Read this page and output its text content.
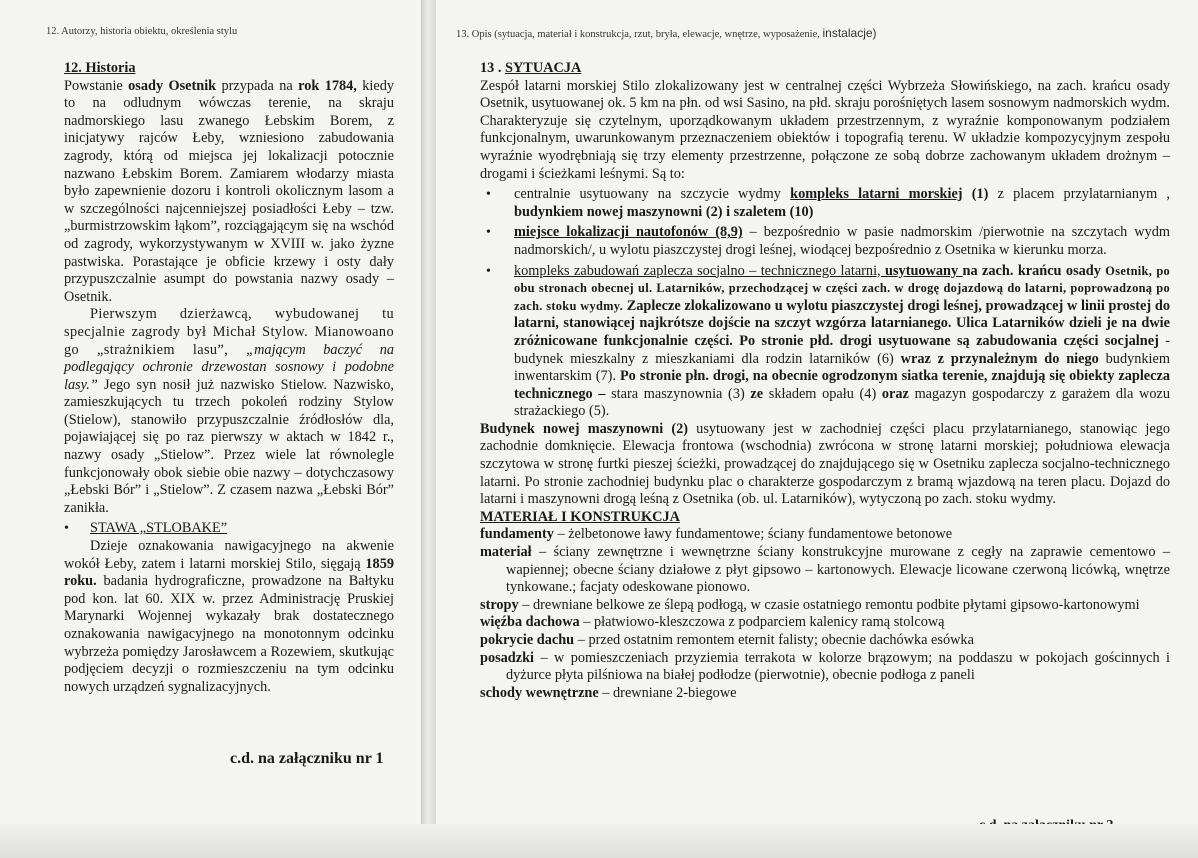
12. Autorzy, historia obiektu, określenia stylu

12. Historia

Powstanie osady Osetnik przypada na rok 1784, kiedy to na odludnym wówczas terenie, na skraju nadmorskiego lasu zwanego Łebskim Borem, z inicjatywy rajców Łeby, wzniesiono zabudowania zagrody, którą od miejsca jej lokalizacji potocznie nazwano Łebskim Borem. Zamiarem włodarzy miasta było zapewnienie dozoru i kontroli okolicznym lasom a w szczególności najcenniejszej posiadłości Łeby – tzw. „burmistrzowskim łąkom”, rozciągającym się na wschód od zagrody, wykorzystywanym w XVIII w. jako żyzne pastwiska. Porastające je obficie krzewy i osty dały przypuszczalnie asumpt do powstania nazwy osady – Osetnik.

Pierwszym dzierżawcą, wybudowanej tu specjalnie zagrody był Michał Stylow. Mianowoano go „strażnikiem lasu”, „mającym baczyć na podlegający ochronie drzewostan sosnowy i podobne lasy.” Jego syn nosił już nazwisko Stielow. Nazwisko, zamieszkujących tu trzech pokoleń rodziny Stylow (Stielow), stanowiło przypuszczalnie źródłosłów dla, pojawiającej się po raz pierwszy w aktach w 1842 r., nazwy osady „Stielow”. Przez wiele lat równolegle funkcjonowały obok siebie obie nazwy – dotychczasowy „Łebski Bór” i „Stielow”. Z czasem nazwa „Łebski Bór” zanikła.

• STAWA „STLOBAKE”

Dzieje oznakowania nawigacyjnego na akwenie wokół Łeby, zatem i latarni morskiej Stilo, sięgają 1859 roku. badania hydrograficzne, prowadzone na Bałtyku pod kon. lat 60. XIX w. przez Administrację Pruskiej Marynarki Wojennej wykazały brak dostatecznego oznakowania nawigacyjnego na monotonnym odcinku wybrzeża pomiędzy Jarosławcem a Rozewiem, skutkując podjęciem decyzji o rozmieszczeniu na tym odcinku nowych urządzeń sygnalizacyjnych.

c.d. na załączniku nr 1
13. Opis (sytuacja, materiał i konstrukcja, rzut, bryła, elewacje, wnętrze, wyposażenie, instalacje)

13 . SYTUACJA

Zespół latarni morskiej Stilo zlokalizowany jest w centralnej części Wybrzeża Słowińskiego, na zach. krańcu osady Osetnik, usytuowanej ok. 5 km na płn. od wsi Sasino, na płd. skraju porośniętych lasem sosnowym nadmorskich wydm. Charakteryzuje się czytelnym, uporządkowanym układem przestrzennym, z wyraźnie komponowanym podziałem funkcjonalnym, uwarunkowanym przeznaczeniem obiektów i topografią terenu. W układzie kompozycyjnym zespołu wyraźnie wyodrębniają się trzy elementy przestrzenne, połączone ze sobą dobrze zachowanym układem drożnym – drogami i ścieżkami leśnymi. Są to:

• centralnie usytuowany na szczycie wydmy kompleks latarni morskiej (1) z placem przylatarnianym , budynkiem nowej maszynowni (2) i szaletem (10)
• miejsce lokalizacji nautofonów (8,9) – bezpośrednio w pasie nadmorskim /pierwotnie na szczytach wydm nadmorskich/, u wylotu piaszczystej drogi leśnej, wiodącej bezpośrednio z Osetnika w kierunku morza.
• kompleks zabudowań zaplecza socjalno – technicznego latarni, usytuowany na zach. krańcu osady Osetnik, po obu stronach obecnej ul. Latarników, przechodzącej w części zach. w drogę dojazdową do latarni, poprowadzoną po zach. stoku wydmy. Zaplecze zlokalizowano u wylotu piaszczystej drogi leśnej, prowadzącej w linii prostej do latarni, stanowiącej najkrótsze dojście na szczyt wzgórza latarnianego. Ulica Latarników dzieli je na dwie zróżnicowane funkcjonalnie części. Po stronie płd. drogi usytuowane są zabudowania części socjalnej - budynek mieszkalny z mieszkaniami dla rodzin latarników (6) wraz z przynależnym do niego budynkiem inwentarskim (7). Po stronie płn. drogi, na obecnie ogrodzonym siatka terenie, znajdują się obiekty zaplecza technicznego – stara maszynownia (3) ze składem opału (4) oraz magazyn gospodarczy z garażem dla wozu strażackiego (5).

Budynek nowej maszynowni (2) usytuowany jest w zachodniej części placu przylatarnianego, stanowiąc jego zachodnie domknięcie. Elewacja frontowa (wschodnia) zwrócona w stronę latarni morskiej; południowa elewacja szczytowa w stronę furtki pieszej ścieżki, prowadzącej do znajdującego się w Osetniku zaplecza socjalno-technicznego latarni. Po stronie zachodniej budynku plac o charakterze gospodarczym z bramą wjazdową na teren placu. Dojazd do latarni i maszynowni drogą leśną z Osetnika (ob. ul. Latarników), wytyczoną po zach. stoku wydmy.

MATERIAŁ I KONSTRUKCJA

fundamenty – żelbetonowe ławy fundamentowe; ściany fundamentowe betonowe

materiał – ściany zewnętrzne i wewnętrzne ściany konstrukcyjne murowane z cegły na zaprawie cementowo – wapiennej; obecne ściany działowe z płyt gipsowo – kartonowych. Elewacje licowane czerwoną licówką, wnętrze tynkowane.; facjaty odeskowane pionowo.

stropy – drewniane belkowe ze ślepą podłogą, w czasie ostatniego remontu podbite płytami gipsowo-kartonowymi

więźba dachowa – płatwiowo-kleszczowa z podparciem kalenicy ramą stolcową

pokrycie dachu – przed ostatnim remontem eternit falisty; obecnie dachówka esówka

posadzki – w pomieszczeniach przyziemia terrakota w kolorze brązowym; na poddaszu w pokojach gościnnych i dyżurce płyta pilśniowa na białej podłodze (pierwotnie), obecnie podłoga z paneli

schody wewnętrzne – drewniane 2-biegowe
